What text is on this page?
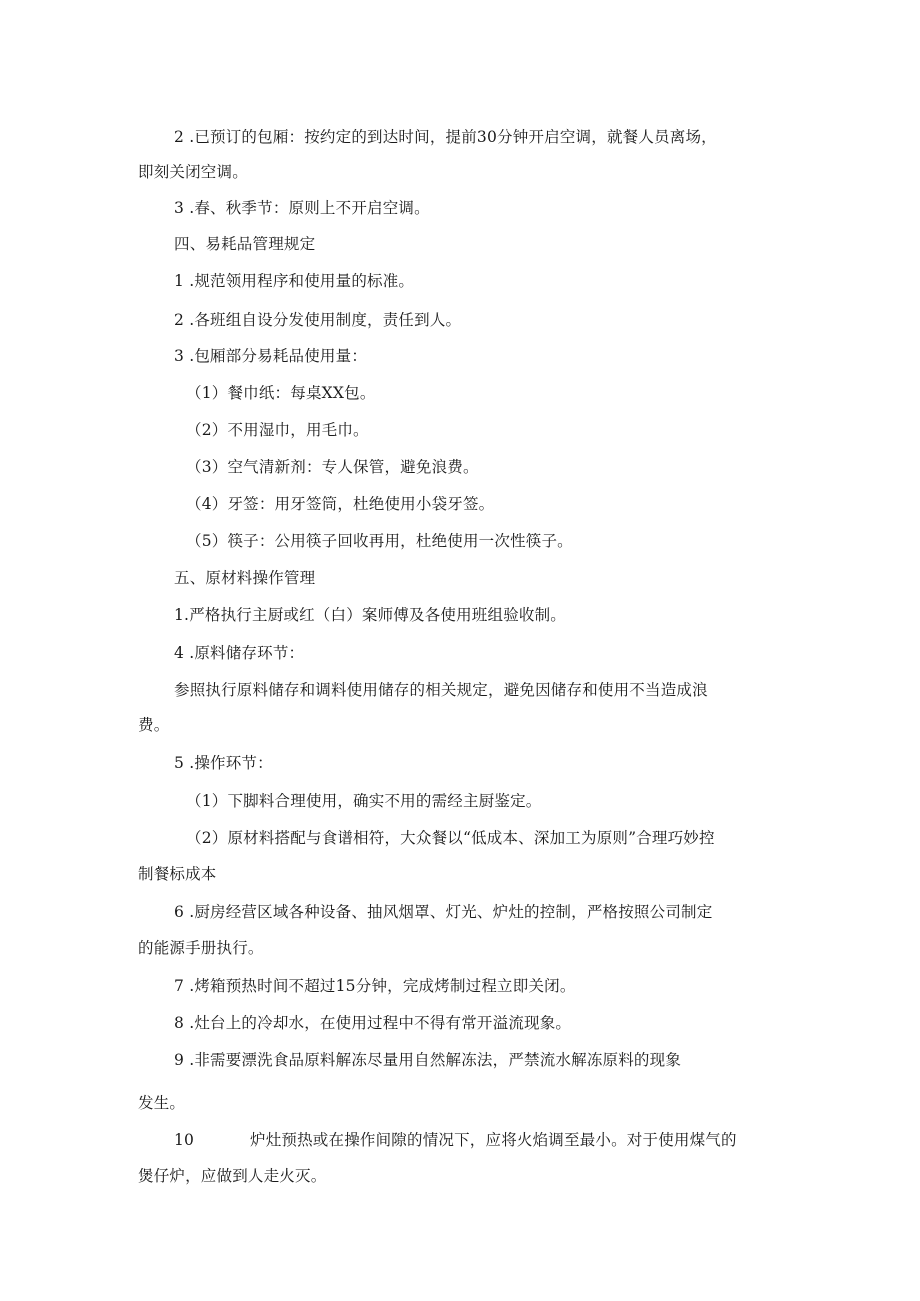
2 .已预订的包厢：按约定的到达时间，提前30分钟开启空调，就餐人员离场，
即刻关闭空调。
3 .春、秋季节：原则上不开启空调。
四、易耗品管理规定
1 .规范领用程序和使用量的标准。
2 .各班组自设分发使用制度，责任到人。
3 .包厢部分易耗品使用量：
（1）餐巾纸：每桌XX包。
（2）不用湿巾，用毛巾。
（3）空气清新剂：专人保管，避免浪费。
（4）牙签：用牙签筒，杜绝使用小袋牙签。
（5）筷子：公用筷子回收再用，杜绝使用一次性筷子。
五、原材料操作管理
1.严格执行主厨或红（白）案师傅及各使用班组验收制。
4 .原料储存环节：
参照执行原料储存和调料使用储存的相关规定，避免因储存和使用不当造成浪
费。
5 .操作环节：
（1）下脚料合理使用，确实不用的需经主厨鉴定。
（2）原材料搭配与食谱相符，大众餐以“低成本、深加工为原则”合理巧妙控
制餐标成本
6 .厨房经营区域各种设备、抽风烟罩、灯光、炉灶的控制，严格按照公司制定
的能源手册执行。
7 .烤箱预热时间不超过15分钟，完成烤制过程立即关闭。
8 .灶台上的冷却水，在使用过程中不得有常开溢流现象。
9 .非需要漂洗食品原料解冻尽量用自然解冻法，严禁流水解冻原料的现象
发生。
10	炉灶预热或在操作间隙的情况下，应将火焰调至最小。对于使用煤气的
煲仔炉，应做到人走火灭。
